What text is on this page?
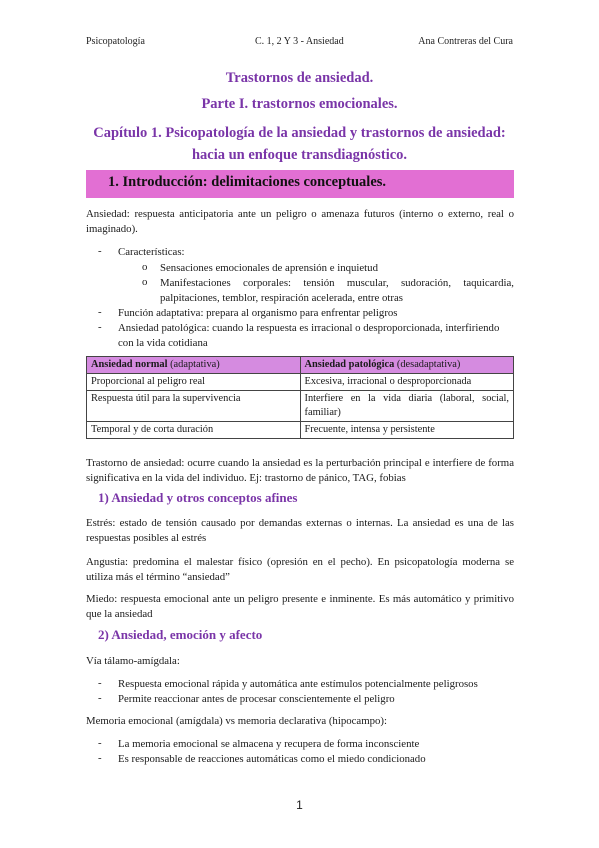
Psicopatología	C. 1, 2 Y 3 - Ansiedad	Ana Contreras del Cura
Trastornos de ansiedad.
Parte I. trastornos emocionales.
Capítulo 1. Psicopatología de la ansiedad y trastornos de ansiedad:
hacia un enfoque transdiagnóstico.
1. Introducción: delimitaciones conceptuales.
Ansiedad: respuesta anticipatoria ante un peligro o amenaza futuros (interno o externo, real o imaginado).
- Características:
o Sensaciones emocionales de aprensión e inquietud
o Manifestaciones corporales: tensión muscular, sudoración, taquicardia, palpitaciones, temblor, respiración acelerada, entre otras
- Función adaptativa: prepara al organismo para enfrentar peligros
- Ansiedad patológica: cuando la respuesta es irracional o desproporcionada, interfiriendo con la vida cotidiana
Ansiedad normal (adaptativa)	Ansiedad patológica (desadaptativa)
Proporcional al peligro real	Excesiva, irracional o desproporcionada
Respuesta útil para la supervivencia	Interfiere en la vida diaria (laboral, social, familiar)
Temporal y de corta duración	Frecuente, intensa y persistente
Trastorno de ansiedad: ocurre cuando la ansiedad es la perturbación principal e interfiere de forma significativa en la vida del individuo. Ej: trastorno de pánico, TAG, fobias
1) Ansiedad y otros conceptos afines
Estrés: estado de tensión causado por demandas externas o internas. La ansiedad es una de las respuestas posibles al estrés
Angustia: predomina el malestar físico (opresión en el pecho). En psicopatología moderna se utiliza más el término “ansiedad”
Miedo: respuesta emocional ante un peligro presente e inminente. Es más automático y primitivo que la ansiedad
2) Ansiedad, emoción y afecto
Vía tálamo-amígdala:
- Respuesta emocional rápida y automática ante estímulos potencialmente peligrosos
- Permite reaccionar antes de procesar conscientemente el peligro
Memoria emocional (amígdala) vs memoria declarativa (hipocampo):
- La memoria emocional se almacena y recupera de forma inconsciente
- Es responsable de reacciones automáticas como el miedo condicionado
1
